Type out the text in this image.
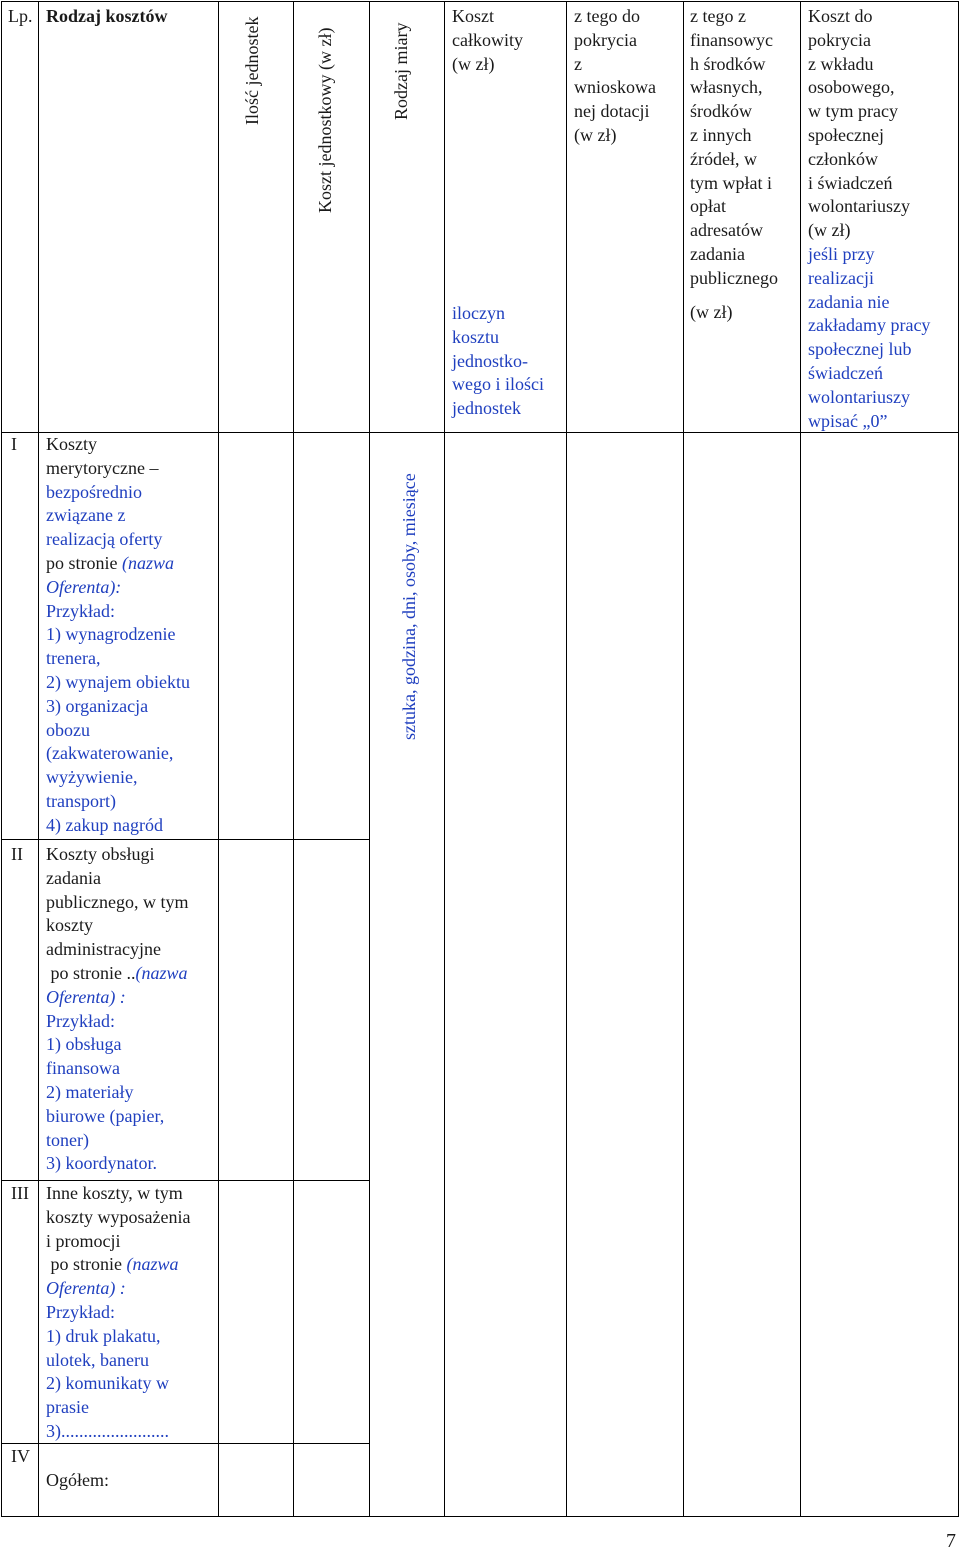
Lp. Rodzaj kosztów
Ilość jednostek	Koszt jednostkowy (w zł)	Rodzaj miary
sztuka, godzina, dni, osoby, miesiące
Koszt
całkowity
(w zł)
iloczyn
kosztu
jednostko-
wego i ilości
jednostek
z tego do
pokrycia
z
wnioskowa
nej dotacji
(w zł)
z tego z
finansowyc
h środków
własnych,
środków
z innych
źródeł, w
tym wpłat i
opłat
adresatów
zadania
publicznego
(w zł)
Koszt do
pokrycia
z wkładu
osobowego,
w tym pracy
społecznej
członków
i świadczeń
wolontariuszy
(w zł)
jeśli przy
realizacji
zadania nie
zakładamy pracy
społecznej lub
świadczeń
wolontariuszy
wpisać „0”
I Koszty
merytoryczne –
bezpośrednio
związane z
realizacją oferty
po stronie (nazwa
Oferenta):
Przykład:
1) wynagrodzenie
trenera,
2) wynajem obiektu
3) organizacja
obozu
(zakwaterowanie,
wyżywienie,
transport)
4) zakup nagród
II Koszty obsługi
zadania
publicznego, w tym
koszty
administracyjne
po stronie ..(nazwa
Oferenta) :
Przykład:
1) obsługa
finansowa
2) materiały
biurowe (papier,
toner)
3) koordynator.
III Inne koszty, w tym
koszty wyposażenia
i promocji
po stronie (nazwa
Oferenta) :
Przykład:
1) druk plakatu,
ulotek, baneru
2) komunikaty w
prasie
3)........................
IV
Ogółem:
7
